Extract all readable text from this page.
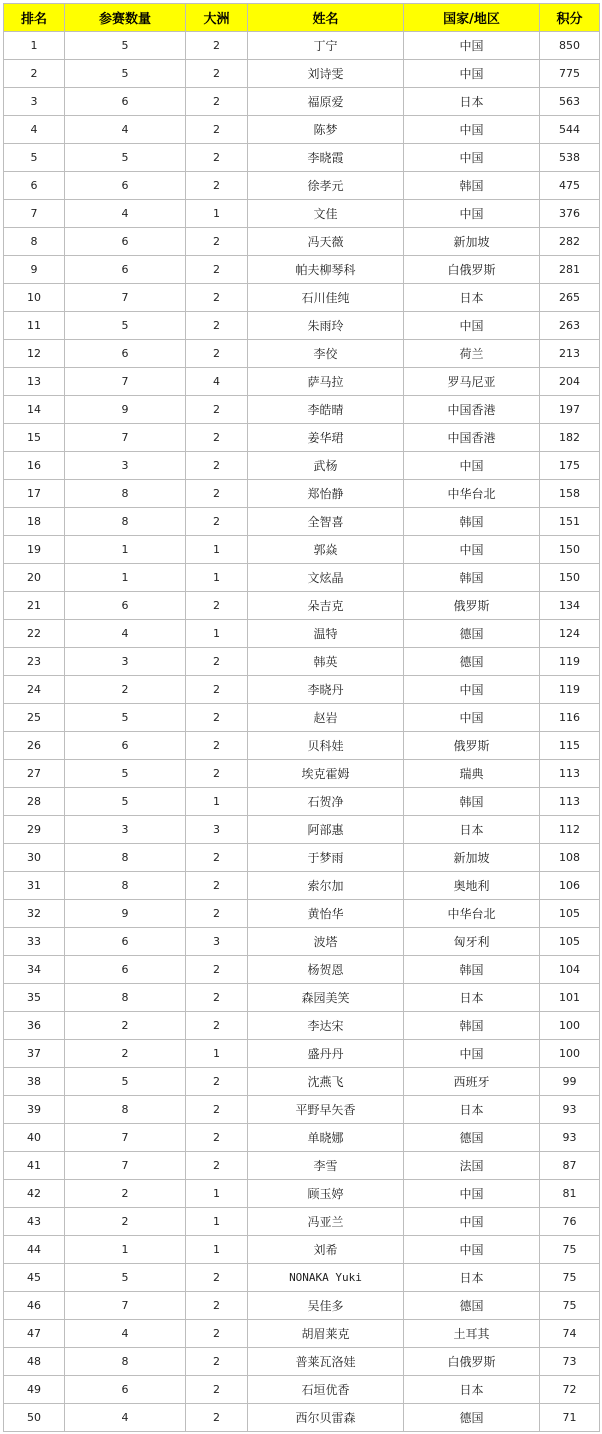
排名	参赛数量	大洲	姓名	国家/地区	积分
1	5	2	丁宁	中国	850
2	5	2	刘诗雯	中国	775
3	6	2	福原爱	日本	563
4	4	2	陈梦	中国	544
5	5	2	李晓霞	中国	538
6	6	2	徐孝元	韩国	475
7	4	1	文佳	中国	376
8	6	2	冯天薇	新加坡	282
9	6	2	帕夫柳琴科	白俄罗斯	281
10	7	2	石川佳纯	日本	265
11	5	2	朱雨玲	中国	263
12	6	2	李佼	荷兰	213
13	7	4	萨马拉	罗马尼亚	204
14	9	2	李皓晴	中国香港	197
15	7	2	姜华珺	中国香港	182
16	3	2	武杨	中国	175
17	8	2	郑怡静	中华台北	158
18	8	2	全智喜	韩国	151
19	1	1	郭焱	中国	150
20	1	1	文炫晶	韩国	150
21	6	2	朵吉克	俄罗斯	134
22	4	1	温特	德国	124
23	3	2	韩英	德国	119
24	2	2	李晓丹	中国	119
25	5	2	赵岩	中国	116
26	6	2	贝科娃	俄罗斯	115
27	5	2	埃克霍姆	瑞典	113
28	5	1	石贺净	韩国	113
29	3	3	阿部惠	日本	112
30	8	2	于梦雨	新加坡	108
31	8	2	索尔加	奥地利	106
32	9	2	黄怡华	中华台北	105
33	6	3	波塔	匈牙利	105
34	6	2	杨贺恩	韩国	104
35	8	2	森园美笑	日本	101
36	2	2	李达宋	韩国	100
37	2	1	盛丹丹	中国	100
38	5	2	沈燕飞	西班牙	99
39	8	2	平野早矢香	日本	93
40	7	2	单晓娜	德国	93
41	7	2	李雪	法国	87
42	2	1	顾玉婷	中国	81
43	2	1	冯亚兰	中国	76
44	1	1	刘希	中国	75
45	5	2	NONAKA Yuki	日本	75
46	7	2	吴佳多	德国	75
47	4	2	胡眉莱克	土耳其	74
48	8	2	普莱瓦洛娃	白俄罗斯	73
49	6	2	石垣优香	日本	72
50	4	2	西尔贝雷森	德国	71
